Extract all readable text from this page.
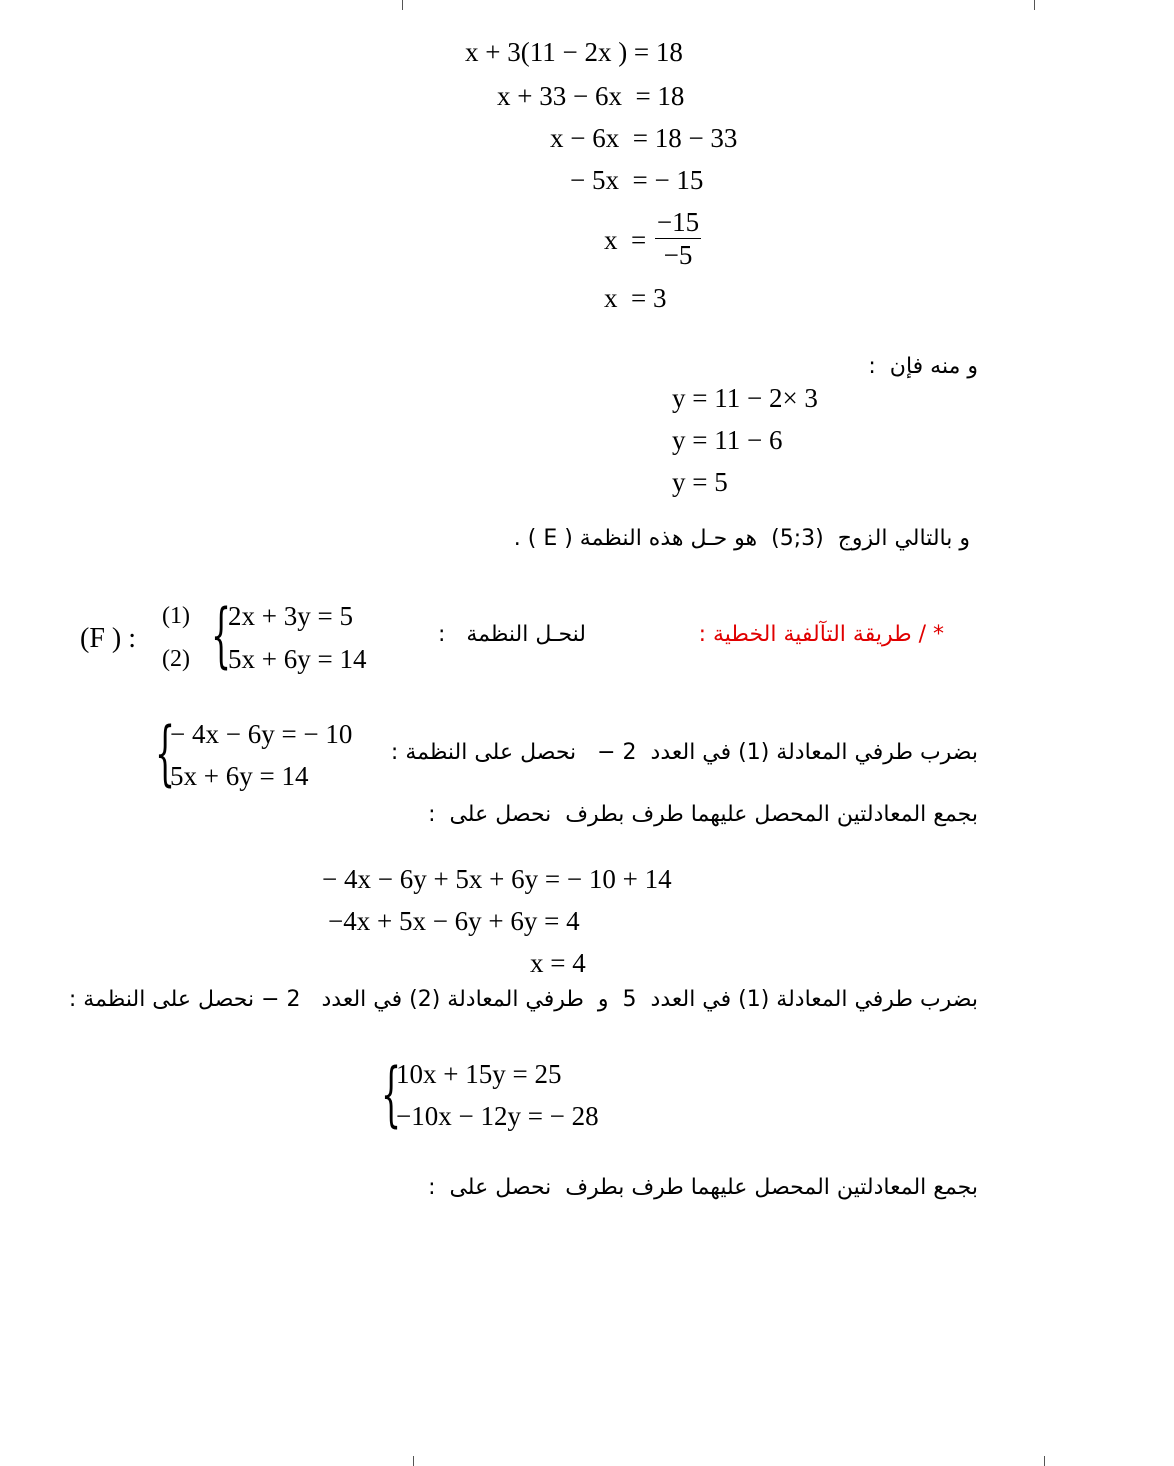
x + 3(11 − 2x ) = 18
x + 33 − 6x  = 18
x − 6x  = 18 − 33
− 5x  = − 15
x  =
−15
−5
x  = 3
و منه فإن  :
y = 11 − 2× 3
y = 11 − 6
y = 5
و بالتالي الزوج  (3;5)  هو حـل هذه النظمة ( E ) .
* / طريقة التآلفية الخطية :
لنحـل النظمة   :
(F ) :
(1)
(2) {
2x + 3y = 5
5x + 6y = 14
{
− 4x − 6y = − 10
5x + 6y = 14
بضرب طرفي المعادلة (1) في العدد  2 −   نحصل على النظمة :
بجمع المعادلتين المحصل عليهما طرف بطرف  نحصل على  :
− 4x − 6y + 5x + 6y = − 10 + 14
−4x + 5x − 6y + 6y = 4
x = 4
بضرب طرفي المعادلة (1) في العدد  5  و  طرفي المعادلة (2) في العدد   2 − نحصل على النظمة :
{
10x + 15y = 25
−10x − 12y = − 28
بجمع المعادلتين المحصل عليهما طرف بطرف  نحصل على  :
